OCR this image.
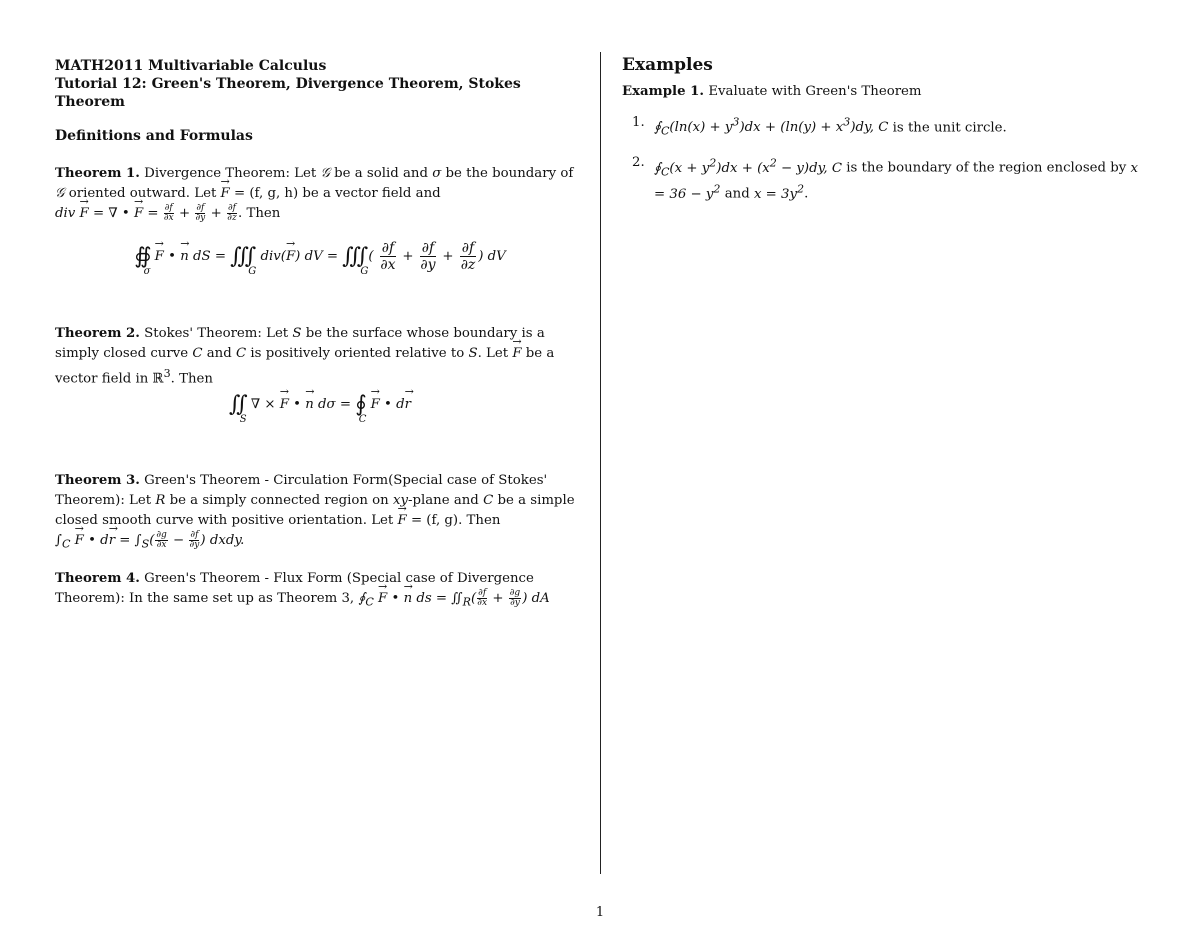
MATH2011 Multivariable Calculus
Tutorial 12: Green's Theorem, Divergence Theorem, Stokes Theorem
Definitions and Formulas
Theorem 1. Divergence Theorem: Let 𝒢 be a solid and σ be the boundary of
𝒢 oriented outward. Let → F = (f, g, h) be a vector field and
div → F = ∇ • → $F = \frac{\partial f}{\partial x} + \frac{\partial f}{\partial y} + \frac{\partial f}{\partial z}$ . Then
$∯_\sigma \to F$ • → n dS = $∭_G$ div(→ F) dV = $∭_G( \frac{\partial f}{\partial x} + \frac{\partial f}{\partial y} + \frac{\partial f}{\partial z}$ ) dV
Theorem 2. Stokes' Theorem: Let S be the surface whose boundary is a simply closed curve C and C is positively oriented relative to S. Let → F be a vector field in ℝ$^3$. Then
$∬_S$ ∇ × → F • → n $d\sigma = ∮_C \to F$ • d→ r
Theorem 3. Green's Theorem - Circulation Form(Special case of Stokes' Theorem): Let R be a simply connected region on xy-plane and C be a simple closed smooth curve with positive orientation. Let → F = (f, g). Then
$\int_C \to F$ • $d\to r = \int_S( \frac{\partial g}{\partial x} - \frac{\partial f}{\partial y}$ ) dxdy.
Theorem 4. Green's Theorem - Flux Form (Special case of Divergence Theorem): In the same set up as Theorem 3, $∮_C \to F$ • → n ds = $∬_R( \frac{\partial f}{\partial x} + \frac{\partial g}{\partial y}$ ) dA
Examples
Example 1. Evaluate with Green's Theorem
1. $∮_C(\ln(x) + y^3)dx + (\ln(y) + x^3)dy$, C is the unit circle.
2. $∮_C(x + y^2)dx + (x^2 - y)dy$, C is the boundary of the region enclosed by $x = 36 - y^2$ and $x = 3y^2$.
1
